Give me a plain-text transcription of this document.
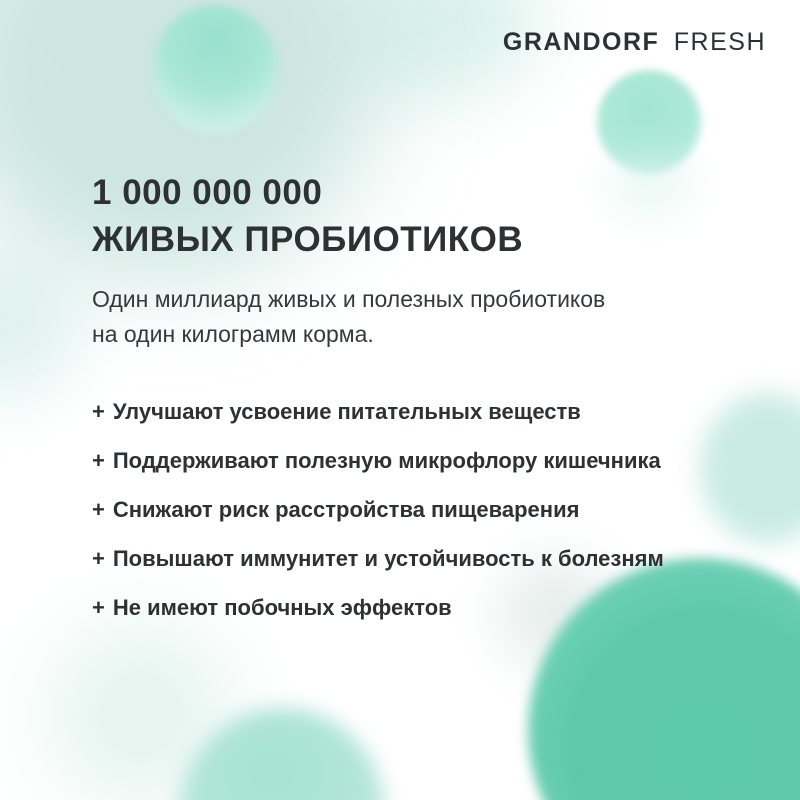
GRANDORF FRESH
1 000 000 000
ЖИВЫХ ПРОБИОТИКОВ

Один миллиард живых и полезных пробиотиков
на один килограмм корма.

+ Улучшают усвоение питательных веществ
+ Поддерживают полезную микрофлору кишечника
+ Снижают риск расстройства пищеварения
+ Повышают иммунитет и устойчивость к болезням
+ Не имеют побочных эффектов
